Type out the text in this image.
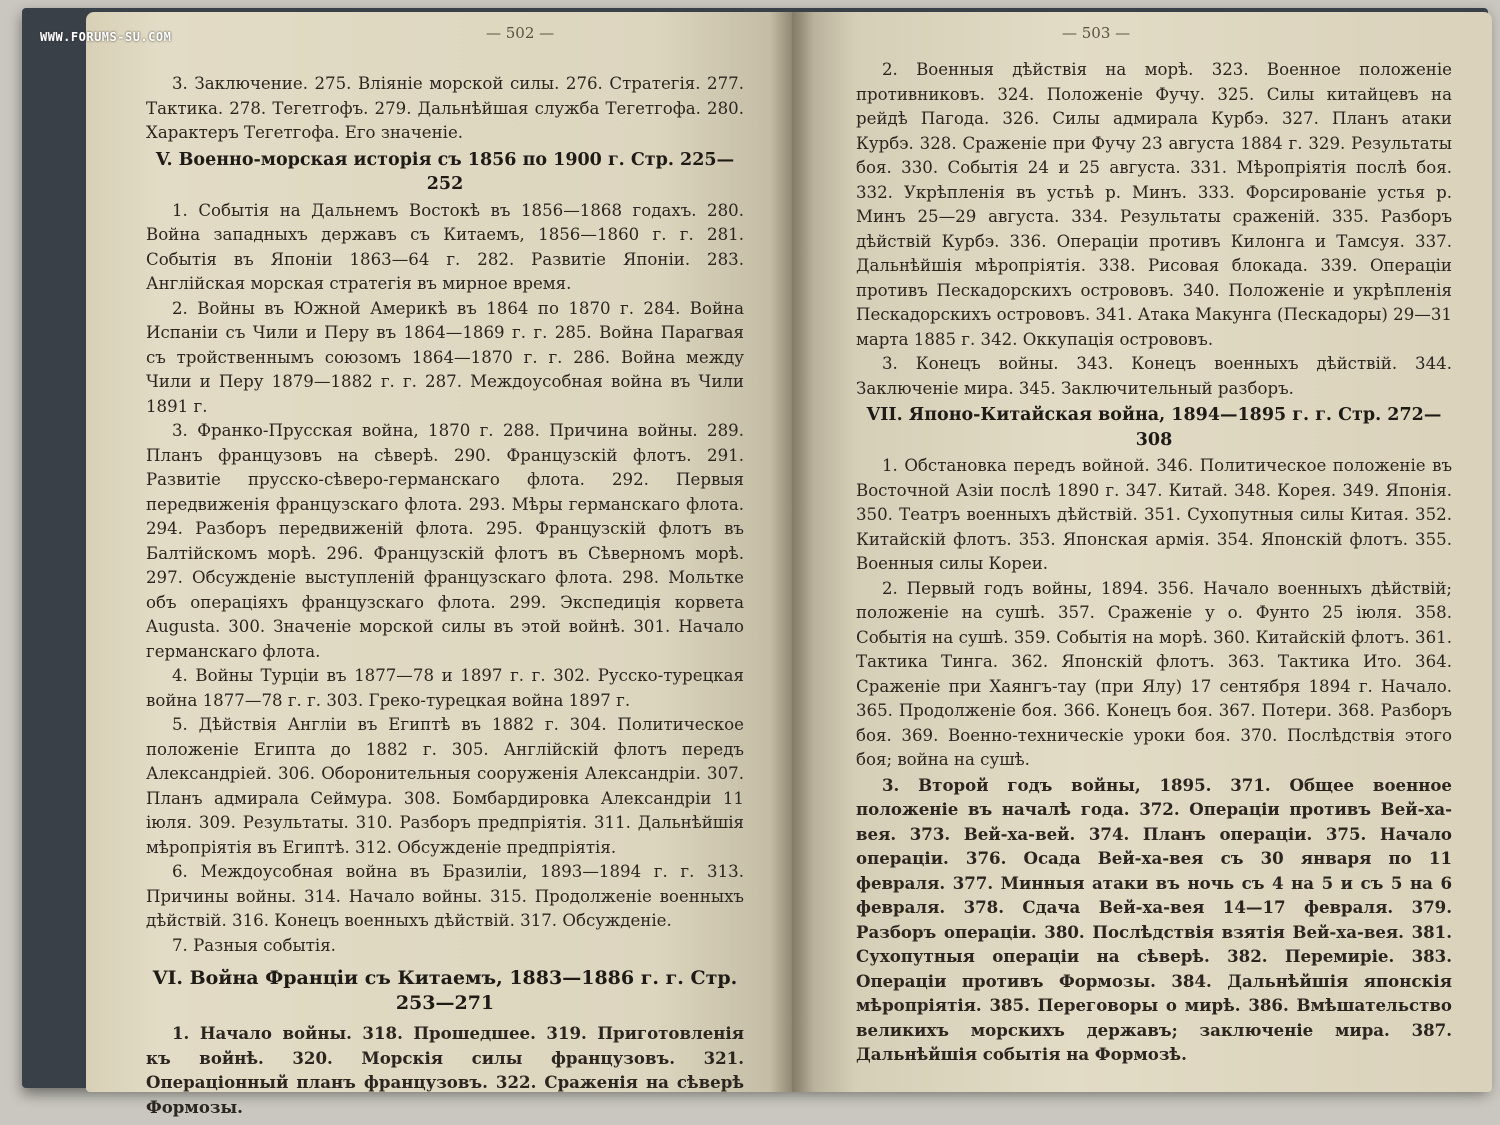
WWW.FORUMS-SU.COM	— 502 —

3. Заключение. 275. Вліяніе морской силы. 276. Стратегія. 277. Тактика. 278. Тегетгофъ. 279. Дальнѣйшая служба Тегетгофа. 280. Характеръ Тегетгофа. Его значеніе.

V. Военно-морская исторія съ 1856 по 1900 г. Стр. 225—252

1. Событія на Дальнемъ Востокѣ въ 1856—1868 годахъ. 280. Война западныхъ державъ съ Китаемъ, 1856—1860 г. г. 281. Событія въ Японіи 1863—64 г. 282. Развитіе Японіи. 283. Англійская морская стратегія въ мирное время.

2. Войны въ Южной Америкѣ въ 1864 по 1870 г. 284. Война Испаніи съ Чили и Перу въ 1864—1869 г. г. 285. Война Парагвая съ тройственнымъ союзомъ 1864—1870 г. г. 286. Война между Чили и Перу 1879—1882 г. г. 287. Междоусобная война въ Чили 1891 г.

3. Франко-Прусская война, 1870 г. 288. Причина войны. 289. Планъ французовъ на сѣверѣ. 290. Французскій флотъ. 291. Развитіе прусско-сѣверо-германскаго флота. 292. Первыя передвиженія французскаго флота. 293. Мѣры германскаго флота. 294. Разборъ передвиженій флота. 295. Французскій флотъ въ Балтійскомъ морѣ. 296. Французскій флотъ въ Сѣверномъ морѣ. 297. Обсужденіе выступленій французскаго флота. 298. Мольтке объ операціяхъ французскаго флота. 299. Экспедиція корвета Augusta. 300. Значеніе морской силы въ этой войнѣ. 301. Начало германскаго флота.

4. Войны Турціи въ 1877—78 и 1897 г. г. 302. Русско-турецкая война 1877—78 г. г. 303. Греко-турецкая война 1897 г.

5. Дѣйствія Англіи въ Египтѣ въ 1882 г. 304. Политическое положеніе Египта до 1882 г. 305. Англійскій флотъ передъ Александріей. 306. Оборонительныя сооруженія Александріи. 307. Планъ адмирала Сеймура. 308. Бомбардировка Александріи 11 іюля. 309. Результаты. 310. Разборъ предпріятія. 311. Дальнѣйшія мѣропріятія въ Египтѣ. 312. Обсужденіе предпріятія.

6. Междоусобная война въ Бразиліи, 1893—1894 г. г. 313. Причины войны. 314. Начало войны. 315. Продолженіе военныхъ дѣйствій. 316. Конецъ военныхъ дѣйствій. 317. Обсужденіе.

7. Разныя событія.

VI. Война Франціи съ Китаемъ, 1883—1886 г. г. Стр. 253—271

1. Начало войны. 318. Прошедшее. 319. Приготовленія къ войнѣ. 320. Морскія силы французовъ. 321. Операціонный планъ французовъ. 322. Сраженія на сѣверѣ Формозы.

— 503 —

2. Военныя дѣйствія на морѣ. 323. Военное положеніе противниковъ. 324. Положеніе Фучу. 325. Силы китайцевъ на рейдѣ Пагода. 326. Силы адмирала Курбэ. 327. Планъ атаки Курбэ. 328. Сраженіе при Фучу 23 августа 1884 г. 329. Результаты боя. 330. Событія 24 и 25 августа. 331. Мѣропріятія послѣ боя. 332. Укрѣпленія въ устьѣ р. Минъ. 333. Форсированіе устья р. Минъ 25—29 августа. 334. Результаты сраженій. 335. Разборъ дѣйствій Курбэ. 336. Операціи противъ Килонга и Тамсуя. 337. Дальнѣйшія мѣропріятія. 338. Рисовая блокада. 339. Операціи противъ Пескадорскихъ острововъ. 340. Положеніе и укрѣпленія Пескадорскихъ острововъ. 341. Атака Макунга (Пескадоры) 29—31 марта 1885 г. 342. Оккупація острововъ.

3. Конецъ войны. 343. Конецъ военныхъ дѣйствій. 344. Заключеніе мира. 345. Заключительный разборъ.

VII. Японо-Китайская война, 1894—1895 г. г. Стр. 272—308

1. Обстановка передъ войной. 346. Политическое положеніе въ Восточной Азіи послѣ 1890 г. 347. Китай. 348. Корея. 349. Японія. 350. Театръ военныхъ дѣйствій. 351. Сухопутныя силы Китая. 352. Китайскій флотъ. 353. Японская армія. 354. Японскій флотъ. 355. Военныя силы Кореи.

2. Первый годъ войны, 1894. 356. Начало военныхъ дѣйствій; положеніе на сушѣ. 357. Сраженіе у о. Фунто 25 іюля. 358. Событія на сушѣ. 359. Событія на морѣ. 360. Китайскій флотъ. 361. Тактика Тинга. 362. Японскій флотъ. 363. Тактика Ито. 364. Сраженіе при Хаянгъ-тау (при Ялу) 17 сентября 1894 г. Начало. 365. Продолженіе боя. 366. Конецъ боя. 367. Потери. 368. Разборъ боя. 369. Военно-техническіе уроки боя. 370. Послѣдствія этого боя; война на сушѣ.

3. Второй годъ войны, 1895. 371. Общее военное положеніе въ началѣ года. 372. Операціи противъ Вей-ха-вея. 373. Вей-ха-вей. 374. Планъ операціи. 375. Начало операціи. 376. Осада Вей-ха-вея съ 30 января по 11 февраля. 377. Минныя атаки въ ночь съ 4 на 5 и съ 5 на 6 февраля. 378. Сдача Вей-ха-вея 14—17 февраля. 379. Разборъ операціи. 380. Послѣдствія взятія Вей-ха-вея. 381. Сухопутныя операціи на сѣверѣ. 382. Перемиріе. 383. Операціи противъ Формозы. 384. Дальнѣйшія японскія мѣропріятія. 385. Переговоры о мирѣ. 386. Вмѣшательство великихъ морскихъ державъ; заключеніе мира. 387. Дальнѣйшія событія на Формозѣ.
